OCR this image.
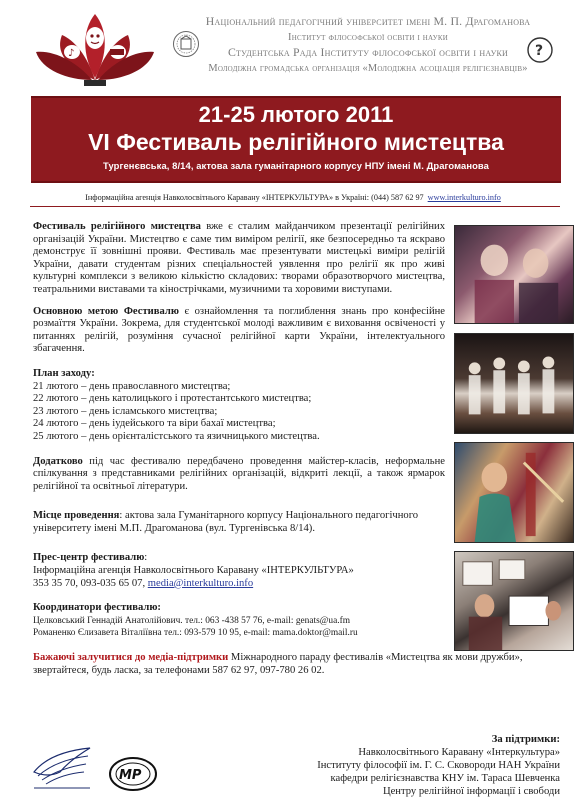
♪	?
Національний педагогічний університет імені М. П. Драгоманова
Інститут філософської освіти і науки
Студентська Рада Інституту філософської освіти і науки
Молодіжна громадська організація «Молодіжна асоціація релігієзнавців»
21-25 лютого 2011
VI Фестиваль релігійного мистецтва
Тургенєвська, 8/14, актова зала гуманітарного корпусу НПУ імені М. Драгоманова
Інформаційна агенція Навколосвітнього Каравану «ІНТЕРКУЛЬТУРА» в Україні: (044) 587 62 97 www.interkulturo.info

Фестиваль релігійного мистецтва вже є сталим майданчиком презентації релігійних організацій України. Мистецтво є саме тим виміром релігії, яке безпосередньо та яскраво демонструє її зовнішні прояви. Фестиваль має презентувати мистецькі виміри релігій України, давати студентам різних спеціальностей уявлення про релігії як про живі культурні комплекси з великою кількістю складових: творами образотворчого мистецтва, театральними виставами та кінострічками, музичними та хоровими виступами.

Основною метою Фестивалю є ознайомлення та поглиблення знань про конфесійне розмаїття України. Зокрема, для студентської молоді важливим є виховання освіченості у питаннях релігій, розуміння сучасної релігійної карти України, інтелектуального збагачення.

План заходу:
21 лютого – день православного мистецтва;
22 лютого – день католицького і протестантського мистецтва;
23 лютого – день ісламського мистецтва;
24 лютого – день іудейського та віри бахаї мистецтва;
25 лютого – день орієнталістського та язичницького мистецтва.

Додатково під час фестивалю передбачено проведення майстер-класів, неформальне спілкування з представниками релігійних організацій, відкриті лекції, а також ярмарок релігійної та освітньої літератури.

Місце проведення: актова зала Гуманітарного корпусу Національного педагогічного університету імені М.П. Драгоманова (вул. Тургенівська 8/14).

Прес-центр фестивалю:
Інформаційна агенція Навколосвітнього Каравану «ІНТЕРКУЛЬТУРА»
353 35 70, 093-035 65 07, media@interkulturo.info
Координатори фестивалю:
Целковський Геннадій Анатолійович. тел.: 063 -438 57 76, e-mail: genats@ua.fm
Романенко Єлизавета Віталіївна тел.: 093-579 10 95, e-mail: mama.doktor@mail.ru

Бажаючі залучитися до медіа-підтримки Міжнародного параду фестивалів «Мистецтва як мови дружби», звертайтеся, будь ласка, за телефонами 587 62 97, 097-780 26 02.

За підтримки:
Навколосвітнього Каравану «Інтеркультура»
Інституту філософії ім. Г. С. Сковороди НАН України
кафедри релігієзнавства КНУ ім. Тараса Шевченка
Центру релігійної інформації і свободи
MP
